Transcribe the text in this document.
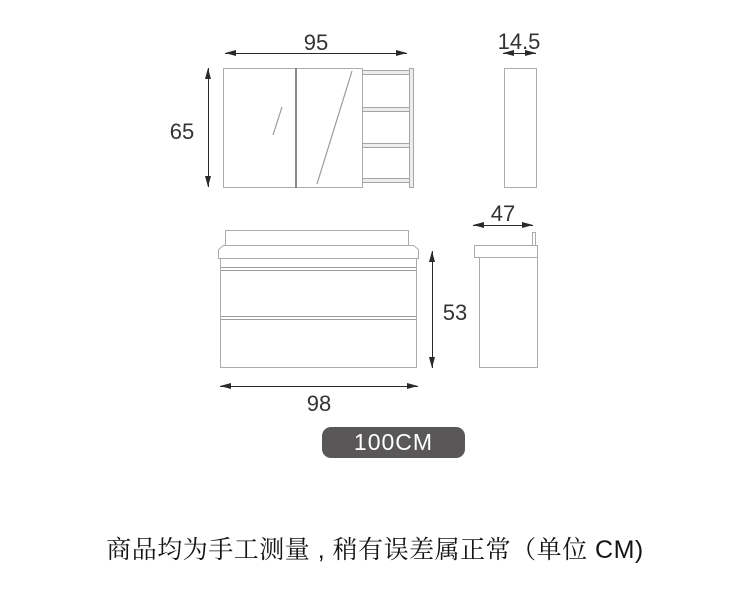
95
65
14.5
53
98
47
100CM
商品均为手工测量 , 稍有误差属正常（单位 CM)
